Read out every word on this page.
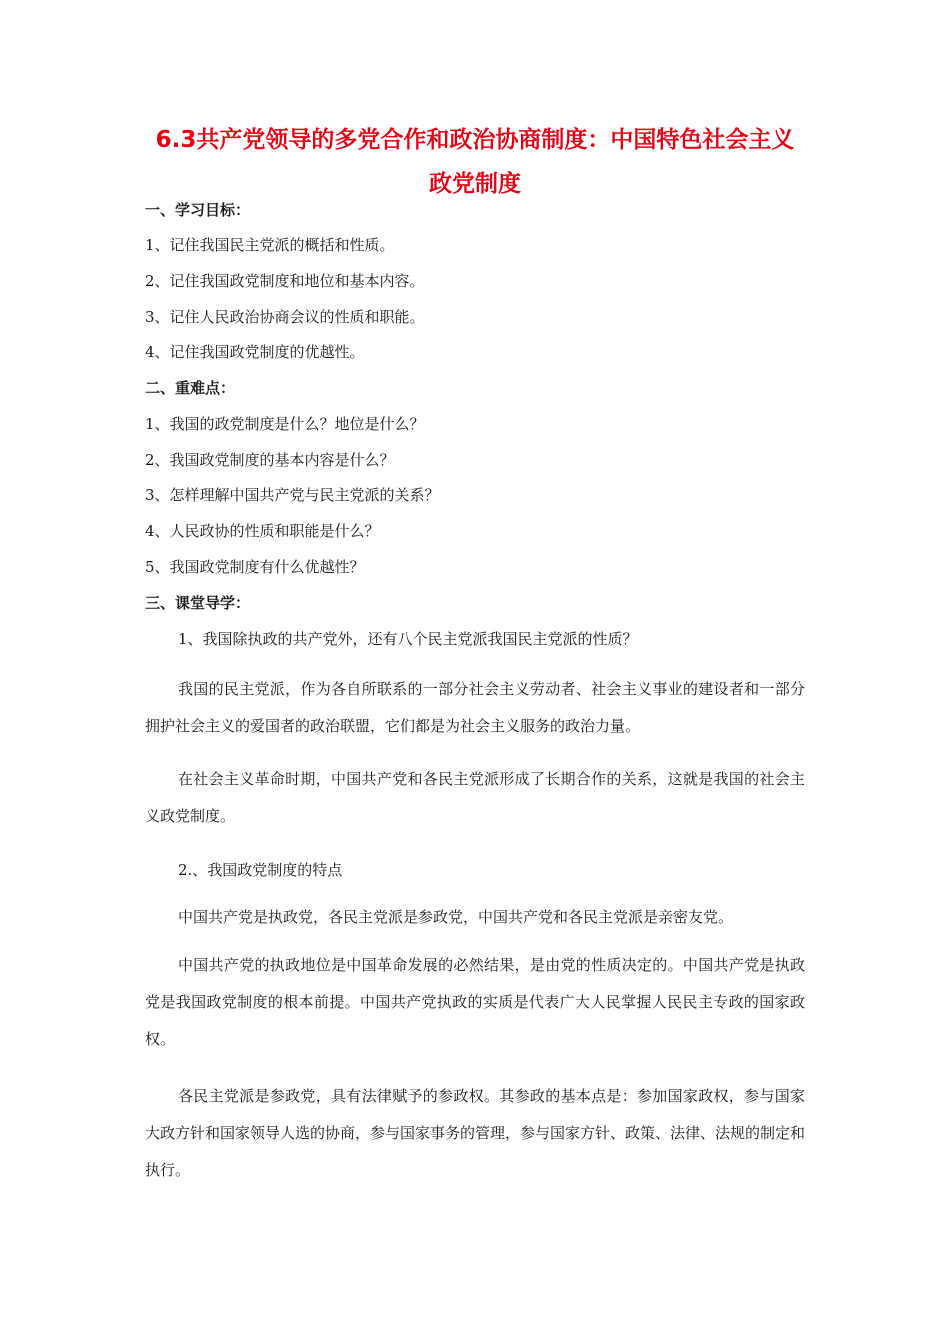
6.3共产党领导的多党合作和政治协商制度：中国特色社会主义政党制度
一、学习目标：
1、记住我国民主党派的概括和性质。
2、记住我国政党制度和地位和基本内容。
3、记住人民政治协商会议的性质和职能。
4、记住我国政党制度的优越性。
二、重难点：
1、我国的政党制度是什么？地位是什么？
2、我国政党制度的基本内容是什么？
3、怎样理解中国共产党与民主党派的关系？
4、人民政协的性质和职能是什么？
5、我国政党制度有什么优越性？
三、课堂导学：
1、我国除执政的共产党外，还有八个民主党派我国民主党派的性质？

我国的民主党派，作为各自所联系的一部分社会主义劳动者、社会主义事业的建设者和一部分拥护社会主义的爱国者的政治联盟，它们都是为社会主义服务的政治力量。

在社会主义革命时期，中国共产党和各民主党派形成了长期合作的关系，这就是我国的社会主义政党制度。

2.、我国政党制度的特点

中国共产党是执政党，各民主党派是参政党，中国共产党和各民主党派是亲密友党。

中国共产党的执政地位是中国革命发展的必然结果，是由党的性质决定的。中国共产党是执政党是我国政党制度的根本前提。中国共产党执政的实质是代表广大人民掌握人民民主专政的国家政权。

各民主党派是参政党，具有法律赋予的参政权。其参政的基本点是：参加国家政权，参与国家大政方针和国家领导人选的协商，参与国家事务的管理，参与国家方针、政策、法律、法规的制定和执行。
